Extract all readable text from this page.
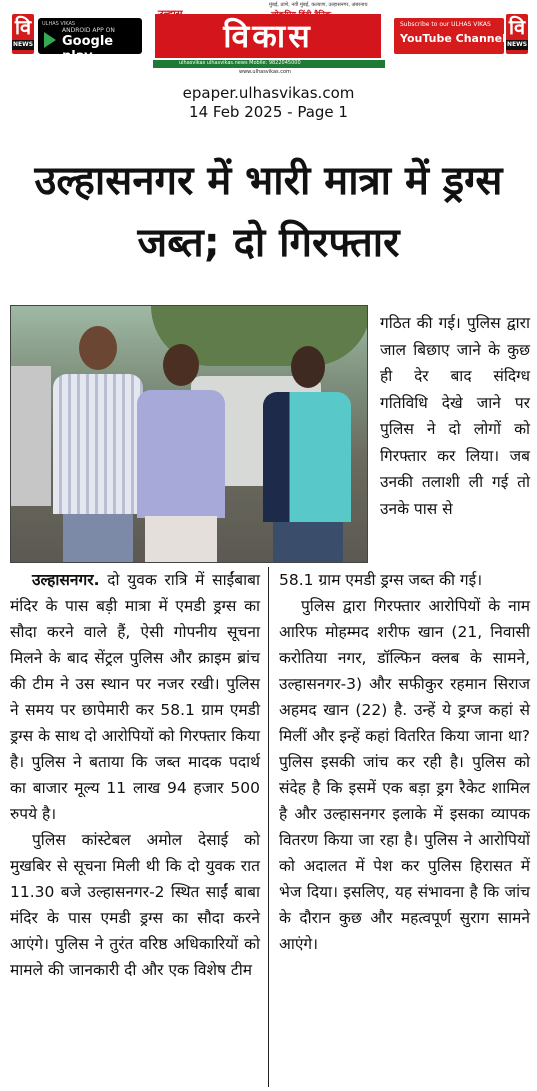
वि
NEWS
ULHAS VIKAS
ANDROID APP ON
Google play
मुंबई, ठाणे, नवी मुंबई, कल्याण, उल्हासनगर, अंबरनाथ
विकास
ulhasvikas ulhasvikas.news Mobile: 9822045000
www.ulhasvikas.com
Subscribe to our ULHAS VIKAS
YouTube Channel वि
NEWS
epaper.ulhasvikas.com
14 Feb 2025 - Page 1
उल्हासनगर में भारी मात्रा में ड्रग्स जब्त; दो गिरफ्तार

गठित की गई। पुलिस द्वारा जाल बिछाए जाने के कुछ ही देर बाद संदिग्ध गतिविधि देखे जाने पर पुलिस ने दो लोगों को गिरफ्तार कर लिया। जब उनकी तलाशी ली गई तो उनके पास से

उल्हासनगर. दो युवक रात्रि में साईंबाबा मंदिर के पास बड़ी मात्रा में एमडी ड्रग्स का सौदा करने वाले हैं, ऐसी गोपनीय सूचना मिलने के बाद सेंट्रल पुलिस और क्राइम ब्रांच की टीम ने उस स्थान पर नजर रखी। पुलिस ने समय पर छापेमारी कर 58.1 ग्राम एमडी ड्रग्स के साथ दो आरोपियों को गिरफ्तार किया है। पुलिस ने बताया कि जब्त मादक पदार्थ का बाजार मूल्य 11 लाख 94 हजार 500 रुपये है।

पुलिस कांस्टेबल अमोल देसाई को मुखबिर से सूचना मिली थी कि दो युवक रात 11.30 बजे उल्हासनगर-2 स्थित साईं बाबा मंदिर के पास एमडी ड्रग्स का सौदा करने आएंगे। पुलिस ने तुरंत वरिष्ठ अधिकारियों को मामले की जानकारी दी और एक विशेष टीम

58.1 ग्राम एमडी ड्रग्स जब्त की गई।

पुलिस द्वारा गिरफ्तार आरोपियों के नाम आरिफ मोहम्मद शरीफ खान (21, निवासी करोतिया नगर, डॉल्फिन क्लब के सामने, उल्हासनगर-3) और सफीकुर रहमान सिराज अहमद खान (22) है. उन्हें ये ड्रग्ज कहां से मिलीं और इन्हें कहां वितरित किया जाना था? पुलिस इसकी जांच कर रही है। पुलिस को संदेह है कि इसमें एक बड़ा ड्रग रैकेट शामिल है और उल्हासनगर इलाके में इसका व्यापक वितरण किया जा रहा है। पुलिस ने आरोपियों को अदालत में पेश कर पुलिस हिरासत में भेज दिया। इसलिए, यह संभावना है कि जांच के दौरान कुछ और महत्वपूर्ण सुराग सामने आएंगे।
